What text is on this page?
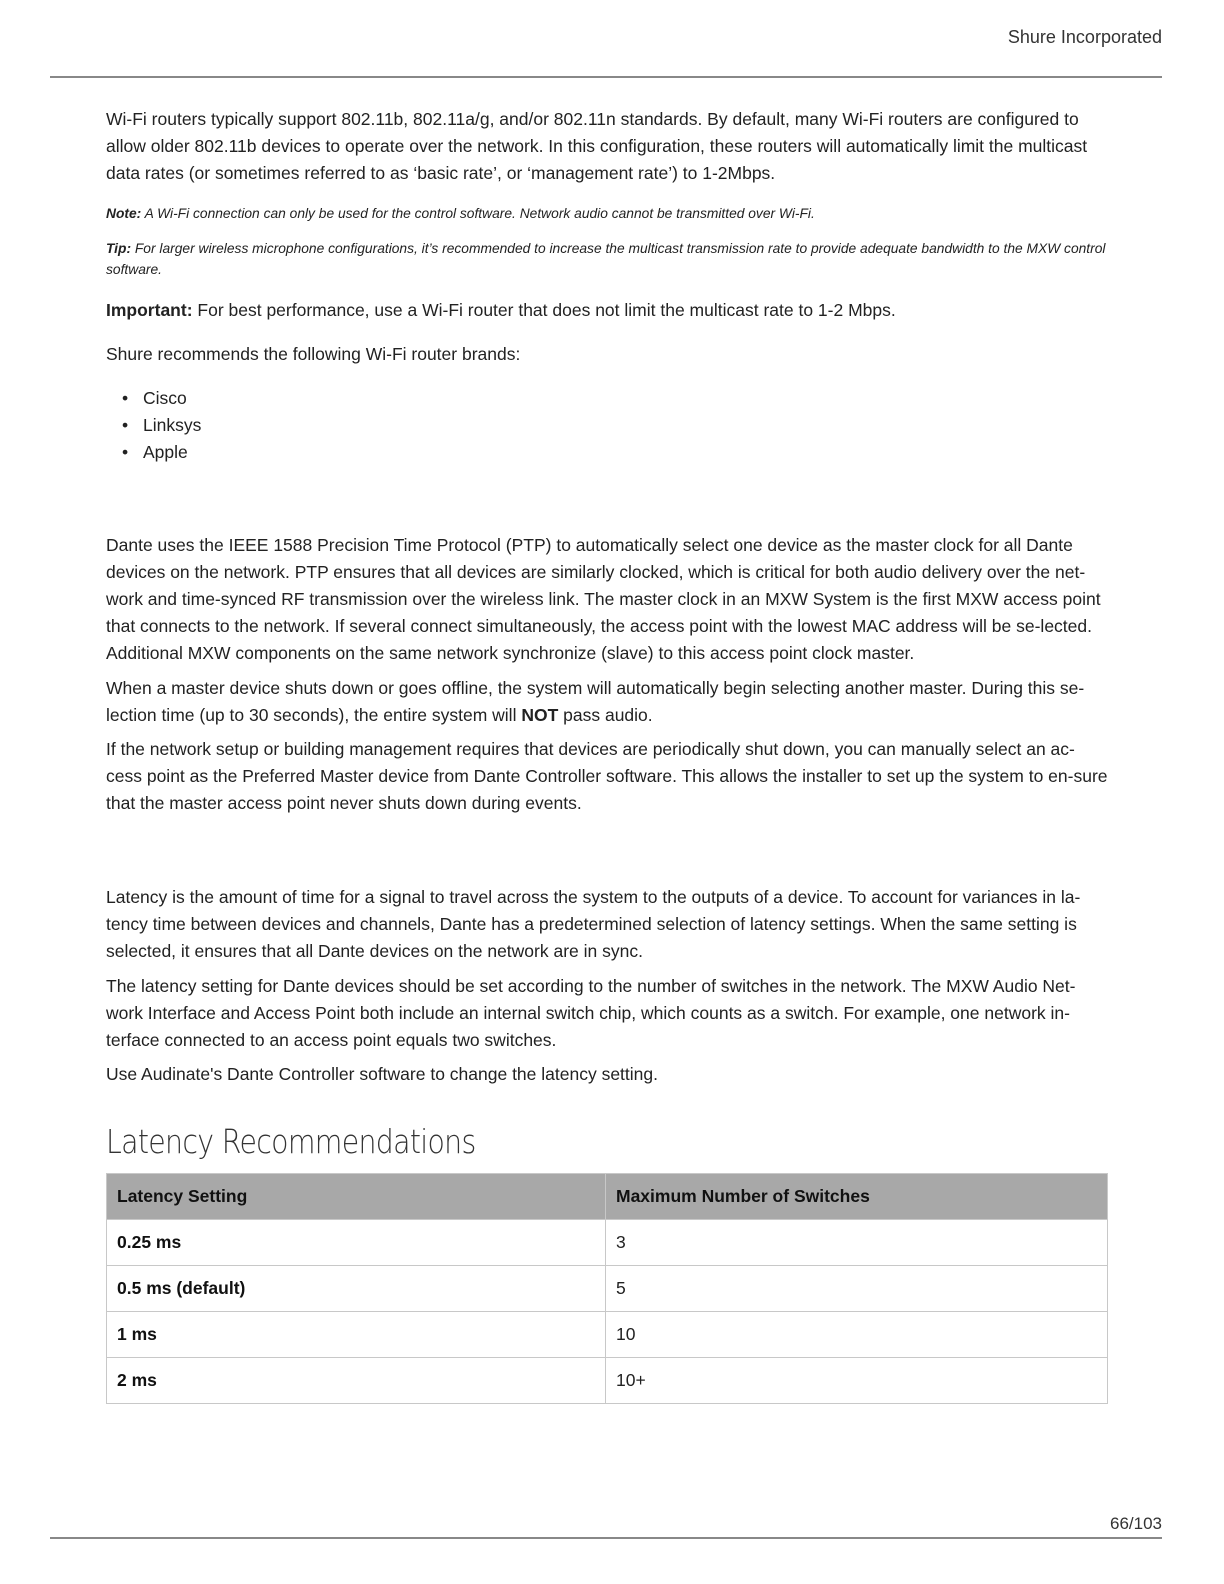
Shure Incorporated

Wi-Fi routers typically support 802.11b, 802.11a/g, and/or 802.11n standards. By default, many Wi-Fi routers are configured to allow older 802.11b devices to operate over the network. In this configuration, these routers will automatically limit the multicast data rates (or sometimes referred to as ‘basic rate’, or ‘management rate’) to 1-2Mbps.

Note: A Wi-Fi connection can only be used for the control software. Network audio cannot be transmitted over Wi-Fi.

Tip: For larger wireless microphone configurations, it’s recommended to increase the multicast transmission rate to provide adequate bandwidth to the MXW control software.

Important: For best performance, use a Wi-Fi router that does not limit the multicast rate to 1-2 Mbps.

Shure recommends the following Wi-Fi router brands:

• Cisco
• Linksys
• Apple

Dante uses the IEEE 1588 Precision Time Protocol (PTP) to automatically select one device as the master clock for all Dante devices on the network. PTP ensures that all devices are similarly clocked, which is critical for both audio delivery over the net-work and time-synced RF transmission over the wireless link. The master clock in an MXW System is the first MXW access point that connects to the network. If several connect simultaneously, the access point with the lowest MAC address will be se-lected. Additional MXW components on the same network synchronize (slave) to this access point clock master.

When a master device shuts down or goes offline, the system will automatically begin selecting another master. During this se-lection time (up to 30 seconds), the entire system will NOT pass audio.

If the network setup or building management requires that devices are periodically shut down, you can manually select an ac-cess point as the Preferred Master device from Dante Controller software. This allows the installer to set up the system to en-sure that the master access point never shuts down during events.

Latency is the amount of time for a signal to travel across the system to the outputs of a device. To account for variances in la-tency time between devices and channels, Dante has a predetermined selection of latency settings. When the same setting is selected, it ensures that all Dante devices on the network are in sync.

The latency setting for Dante devices should be set according to the number of switches in the network. The MXW Audio Net-work Interface and Access Point both include an internal switch chip, which counts as a switch. For example, one network in-terface connected to an access point equals two switches.

Use Audinate's Dante Controller software to change the latency setting.

Latency Recommendations
Latency Setting	Maximum Number of Switches
0.25 ms	3
0.5 ms (default)	5
1 ms	10
2 ms	10+
66/103
